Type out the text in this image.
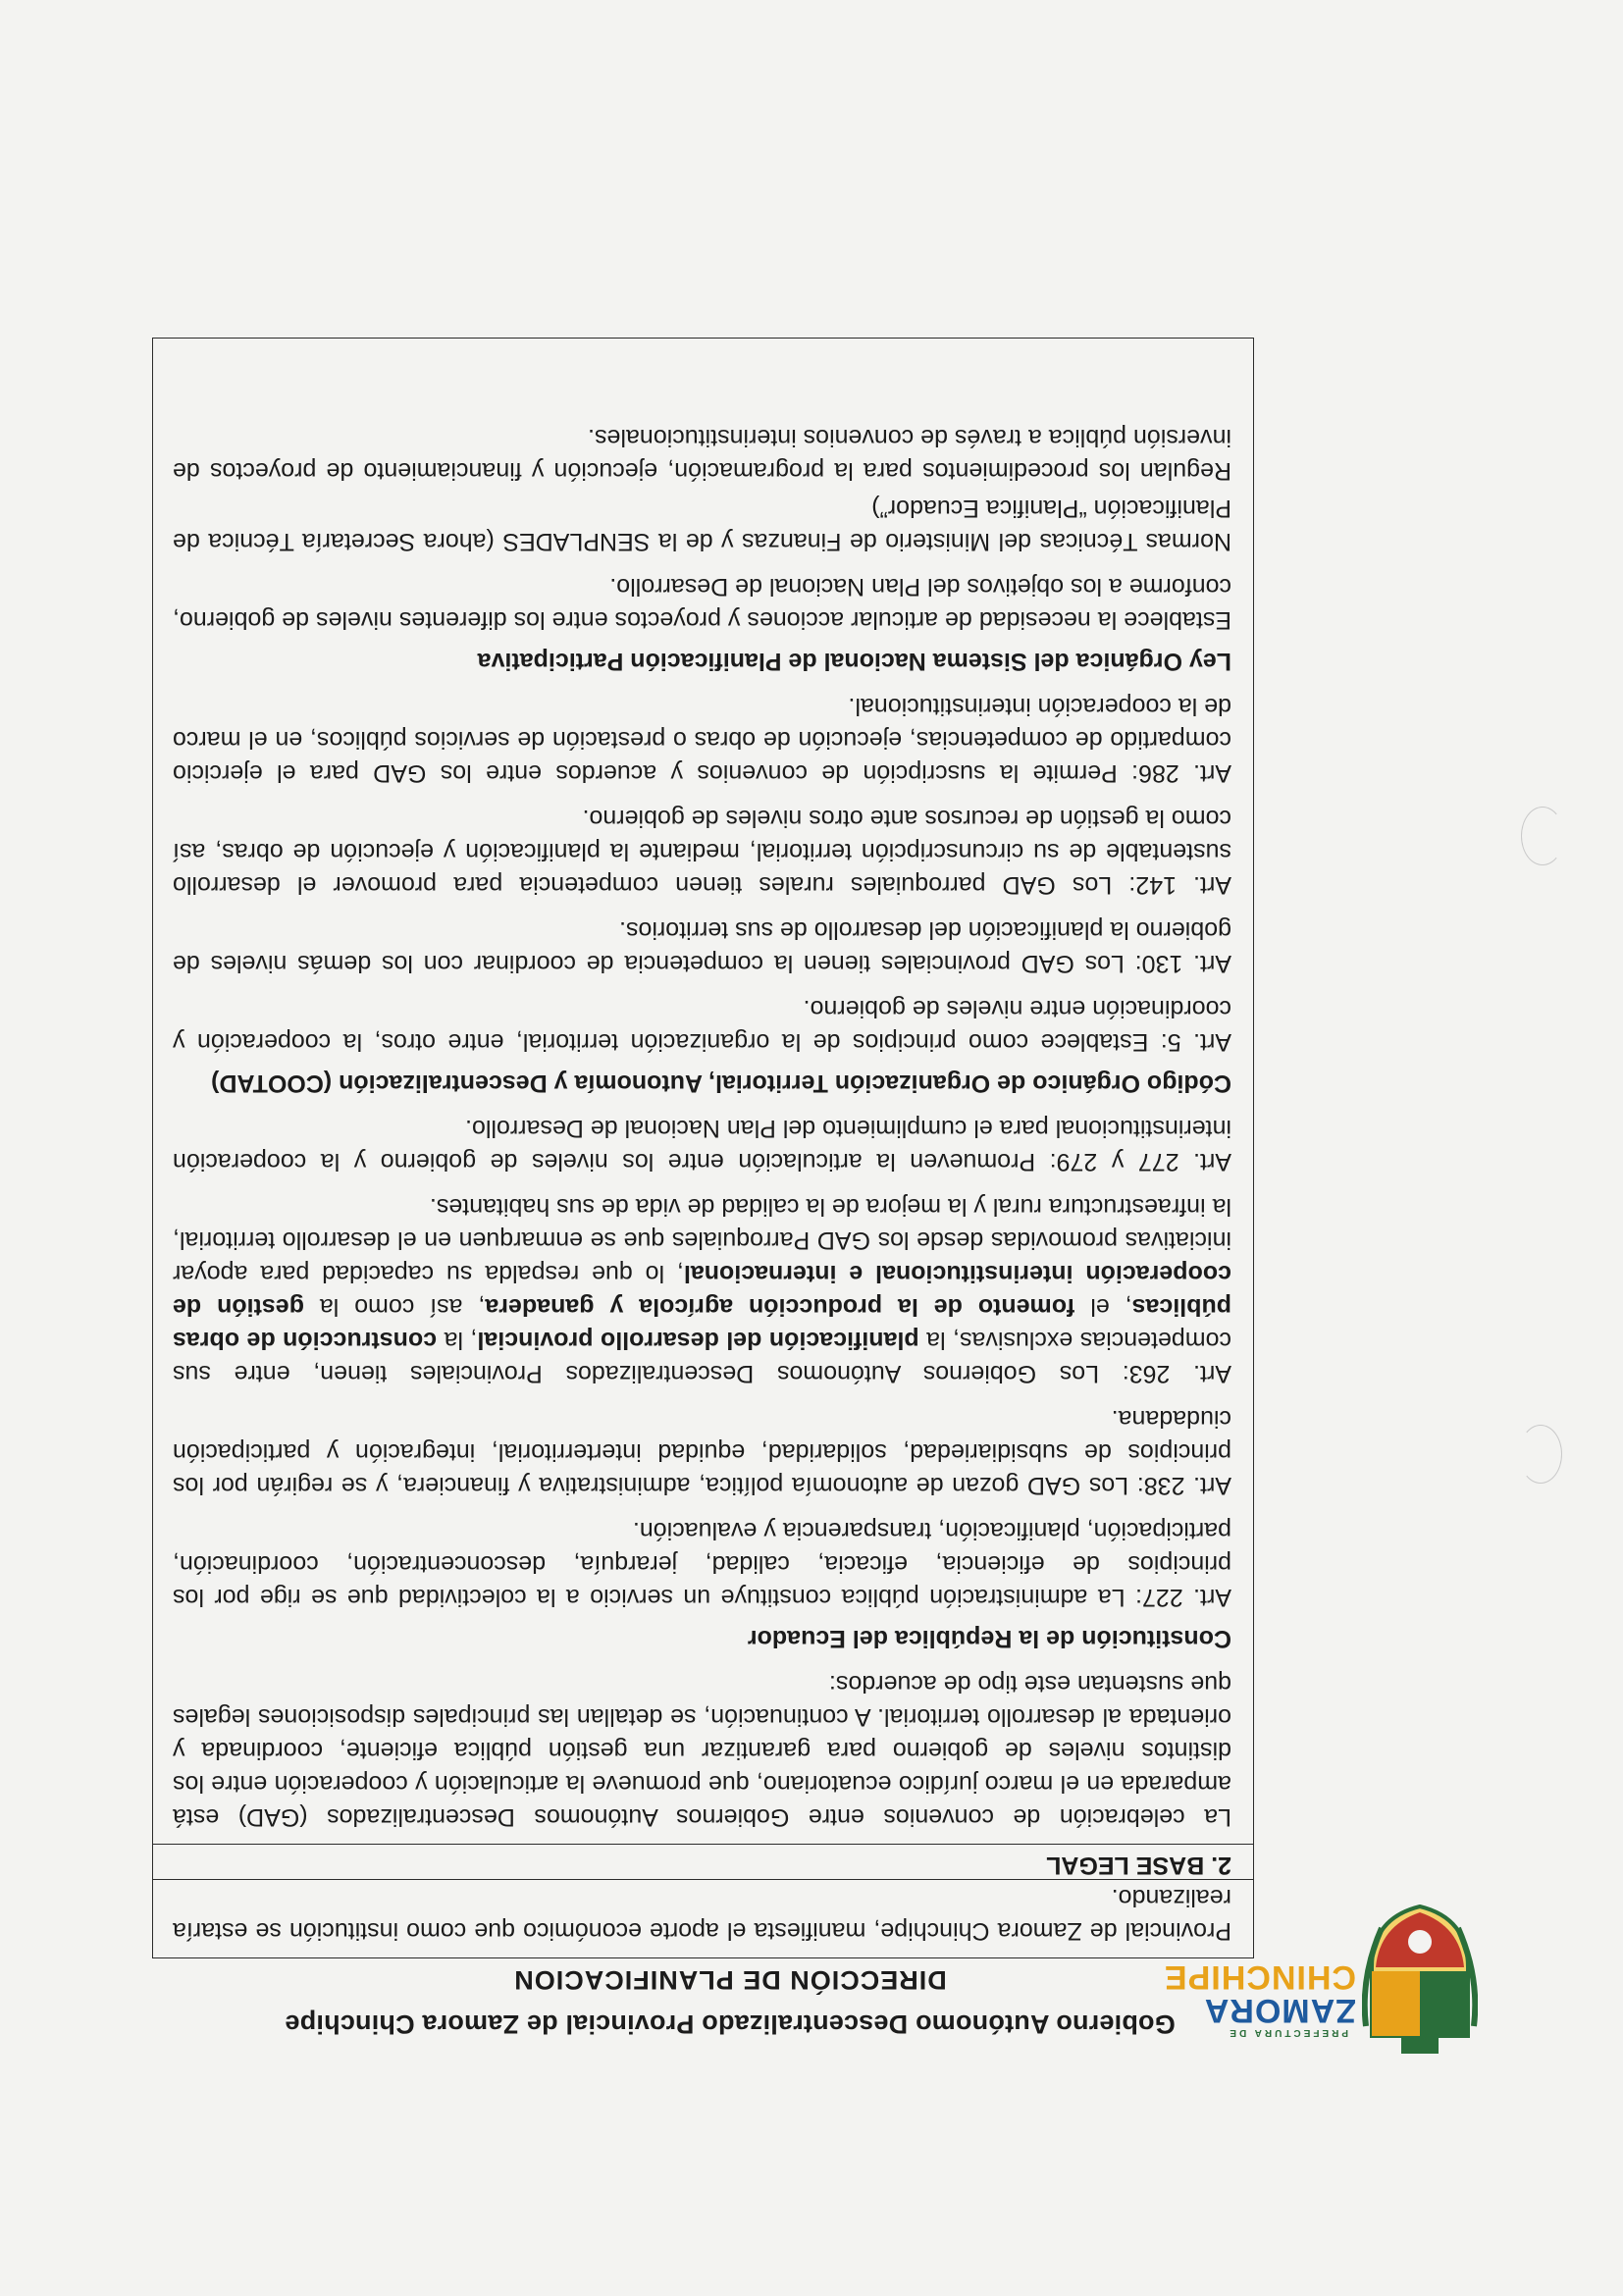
PREFECTURA DE
ZAMORA
CHINCHIPE
Gobierno Autónomo Descentralizado Provincial de Zamora Chinchipe
DIRECCIÓN DE PLANIFICACION

Provincial de Zamora Chinchipe, manifiesta el aporte económico que como institución se estaría realizando.

2. BASE LEGAL

La celebración de convenios entre Gobiernos Autónomos Descentralizados (GAD) está amparada en el marco jurídico ecuatoriano, que promueve la articulación y cooperación entre los distintos niveles de gobierno para garantizar una gestión pública eficiente, coordinada y orientada al desarrollo territorial. A continuación, se detallan las principales disposiciones legales que sustentan este tipo de acuerdos:

Constitución de la República del Ecuador

Art. 227: La administración pública constituye un servicio a la colectividad que se rige por los principios de eficiencia, eficacia, calidad, jerarquía, desconcentración, coordinación, participación, planificación, transparencia y evaluación.

Art. 238: Los GAD gozan de autonomía política, administrativa y financiera, y se regirán por los principios de subsidiariedad, solidaridad, equidad interterritorial, integración y participación ciudadana.

Art. 263: Los Gobiernos Autónomos Descentralizados Provinciales tienen, entre sus competencias exclusivas, la planificación del desarrollo provincial, la construcción de obras públicas, el fomento de la producción agrícola y ganadera, así como la gestión de cooperación interinstitucional e internacional, lo que respalda su capacidad para apoyar iniciativas promovidas desde los GAD Parroquiales que se enmarquen en el desarrollo territorial, la infraestructura rural y la mejora de la calidad de vida de sus habitantes.

Art. 277 y 279: Promueven la articulación entre los niveles de gobierno y la cooperación interinstitucional para el cumplimiento del Plan Nacional de Desarrollo.

Código Orgánico de Organización Territorial, Autonomía y Descentralización (COOTAD)

Art. 5: Establece como principios de la organización territorial, entre otros, la cooperación y coordinación entre niveles de gobierno.

Art. 130: Los GAD provinciales tienen la competencia de coordinar con los demás niveles de gobierno la planificación del desarrollo de sus territorios.

Art. 142: Los GAD parroquiales rurales tienen competencia para promover el desarrollo sustentable de su circunscripción territorial, mediante la planificación y ejecución de obras, así como la gestión de recursos ante otros niveles de gobierno.

Art. 286: Permite la suscripción de convenios y acuerdos entre los GAD para el ejercicio compartido de competencias, ejecución de obras o prestación de servicios públicos, en el marco de la cooperación interinstitucional.

Ley Orgánica del Sistema Nacional de Planificación Participativa

Establece la necesidad de articular acciones y proyectos entre los diferentes niveles de gobierno, conforme a los objetivos del Plan Nacional de Desarrollo.

Normas Técnicas del Ministerio de Finanzas y de la SENPLADES (ahora Secretaría Técnica de Planificación “Planifica Ecuador”)

Regulan los procedimientos para la programación, ejecución y financiamiento de proyectos de inversión pública a través de convenios interinstitucionales.
